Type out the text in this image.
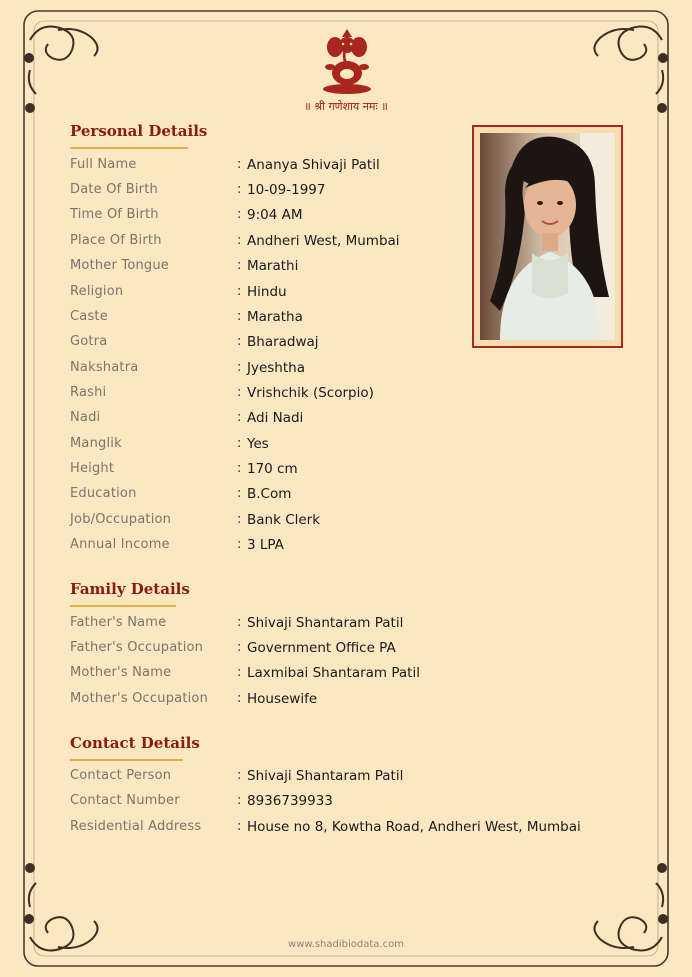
॥ श्री गणेशाय नमः ॥
Personal Details
Full Name	: Ananya Shivaji Patil
Date Of Birth	: 10-09-1997
Time Of Birth	: 9:04 AM
Place Of Birth	: Andheri West, Mumbai
Mother Tongue	: Marathi
Religion	: Hindu
Caste	: Maratha
Gotra	: Bharadwaj
Nakshatra	: Jyeshtha
Rashi	: Vrishchik (Scorpio)
Nadi	: Adi Nadi
Manglik	: Yes
Height	: 170 cm
Education	: B.Com
Job/Occupation	: Bank Clerk
Annual Income	: 3 LPA
Family Details
Father's Name	: Shivaji Shantaram Patil
Father's Occupation	: Government Office PA
Mother's Name	: Laxmibai Shantaram Patil
Mother's Occupation : Housewife
Contact Details
Contact Person	: Shivaji Shantaram Patil
Contact Number	: 8936739933
Residential Address	: House no 8, Kowtha Road, Andheri West, Mumbai
www.shadibiodata.com
